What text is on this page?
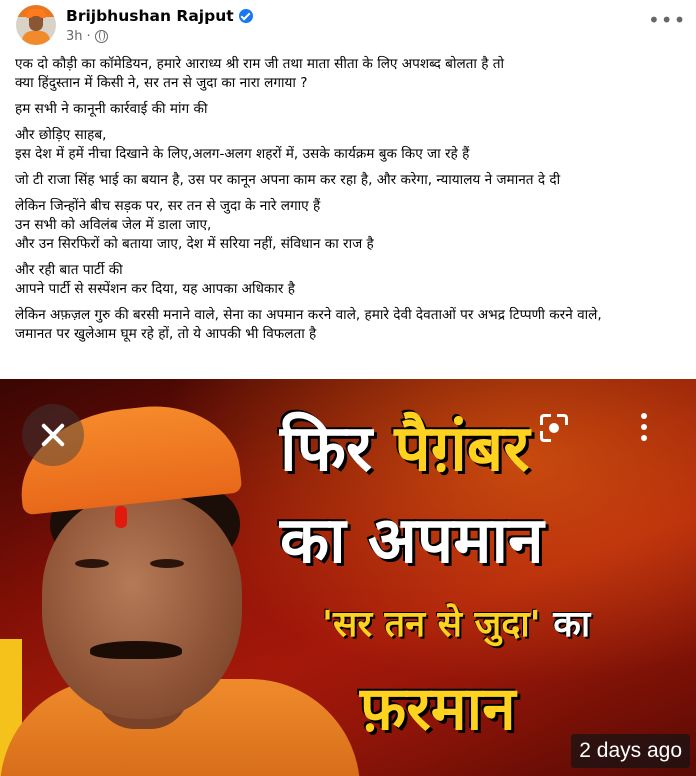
Brijbhushan Rajput
3h ·
•••

एक दो कौड़ी का कॉमेडियन, हमारे आराध्य श्री राम जी तथा माता सीता के लिए अपशब्द बोलता है तो
क्या हिंदुस्तान में किसी ने, सर तन से जुदा का नारा लगाया ?

हम सभी ने कानूनी कार्रवाई की मांग की

और छोड़िए साहब,
इस देश में हमें नीचा दिखाने के लिए,अलग-अलग शहरों में, उसके कार्यक्रम बुक किए जा रहे हैं

जो टी राजा सिंह भाई का बयान है, उस पर कानून अपना काम कर रहा है, और करेगा, न्यायालय ने जमानत दे दी

लेकिन जिन्होंने बीच सड़क पर, सर तन से जुदा के नारे लगाए हैं
उन सभी को अविलंब जेल में डाला जाए,
और उन सिरफिरों को बताया जाए, देश में सरिया नहीं, संविधान का राज है

और रही बात पार्टी की
आपने पार्टी से सस्पेंशन कर दिया, यह आपका अधिकार है

लेकिन अफ़ज़ल गुरु की बरसी मनाने वाले, सेना का अपमान करने वाले, हमारे देवी देवताओं पर अभद्र टिप्पणी करने वाले,
जमानत पर खुलेआम घूम रहे हों, तो ये आपकी भी विफलता है

फिर पैग़ंबर
का अपमान
'सर तन से जुदा' का
फ़रमान
2 days ago
